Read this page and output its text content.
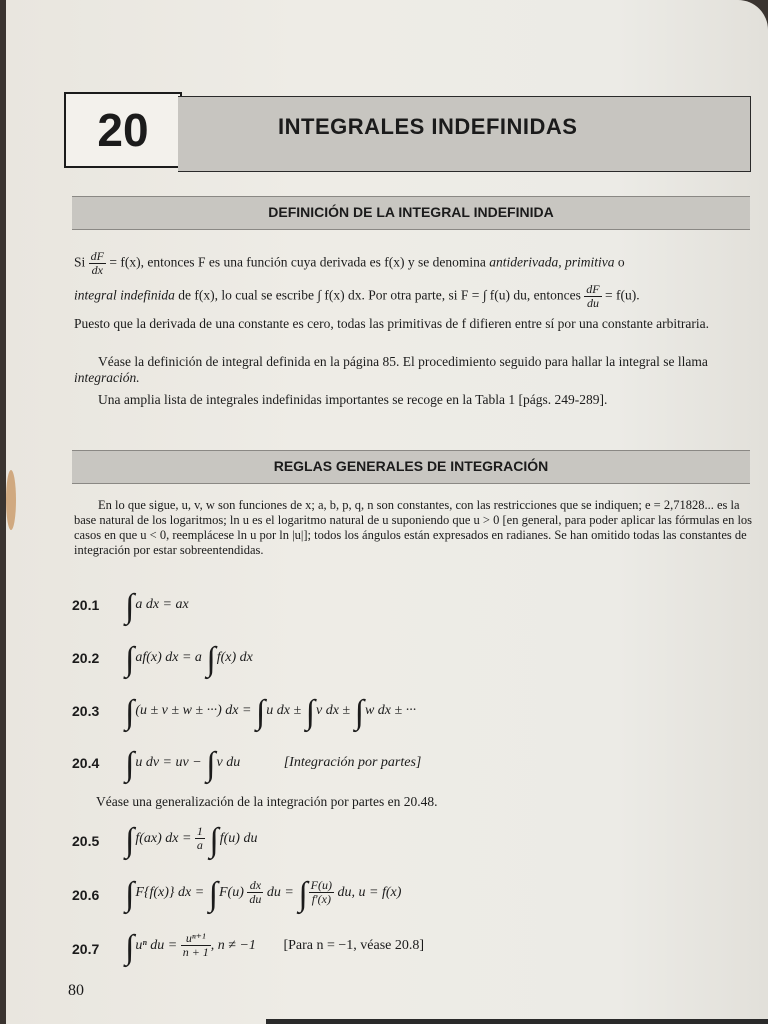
20	INTEGRALES INDEFINIDAS
DEFINICIÓN DE LA INTEGRAL INDEFINIDA
Si $\frac{dF}{dx} = f(x)$, entonces F es una función cuya derivada es f(x) y se denomina antiderivada, primitiva o
integral indefinida de f(x), lo cual se escribe ∫ f(x) dx. Por otra parte, si F = ∫ f(u) du, entonces $\frac{dF}{du} = f(u)$.
Puesto que la derivada de una constante es cero, todas las primitivas de f difieren entre sí por una constante arbitraria.
Véase la definición de integral definida en la página 85. El procedimiento seguido para hallar la integral se llama integración.
Una amplia lista de integrales indefinidas importantes se recoge en la Tabla 1 [págs. 249-289].
REGLAS GENERALES DE INTEGRACIÓN
En lo que sigue, u, v, w son funciones de x; a, b, p, q, n son constantes, con las restricciones que se indiquen; e = 2,71828... es la base natural de los logaritmos; ln u es el logaritmo natural de u suponiendo que u > 0 [en general, para poder aplicar las fórmulas en los casos en que u < 0, reemplácese ln u por ln |u|]; todos los ángulos están expresados en radianes. Se han omitido todas las constantes de integración por estar sobreentendidas.
20.1 ∫a dx = ax
20.2 ∫af(x) dx = a ∫f(x) dx
20.3 ∫(u ± v ± w ± ···) dx = ∫u dx ± ∫v dx ± ∫w dx ± ···
20.4 ∫u dv = uv − ∫v du	[Integración por partes]
Véase una generalización de la integración por partes en 20.48.
20.5 ∫f(ax) dx = $\frac{1}{a} \int f(u)$ du
20.6 ∫F{f(x)} dx = $\int F(u) \frac{dx}{du}$ du = ∫ $\frac{F(u)}{f'(x)}$ du, u = f(x)
20.7 ∫uⁿ du = $\frac{\text{uⁿ⁺¹}}{n + 1}$ , n ≠ −1 [Para n = −1, véase 20.8]
80
